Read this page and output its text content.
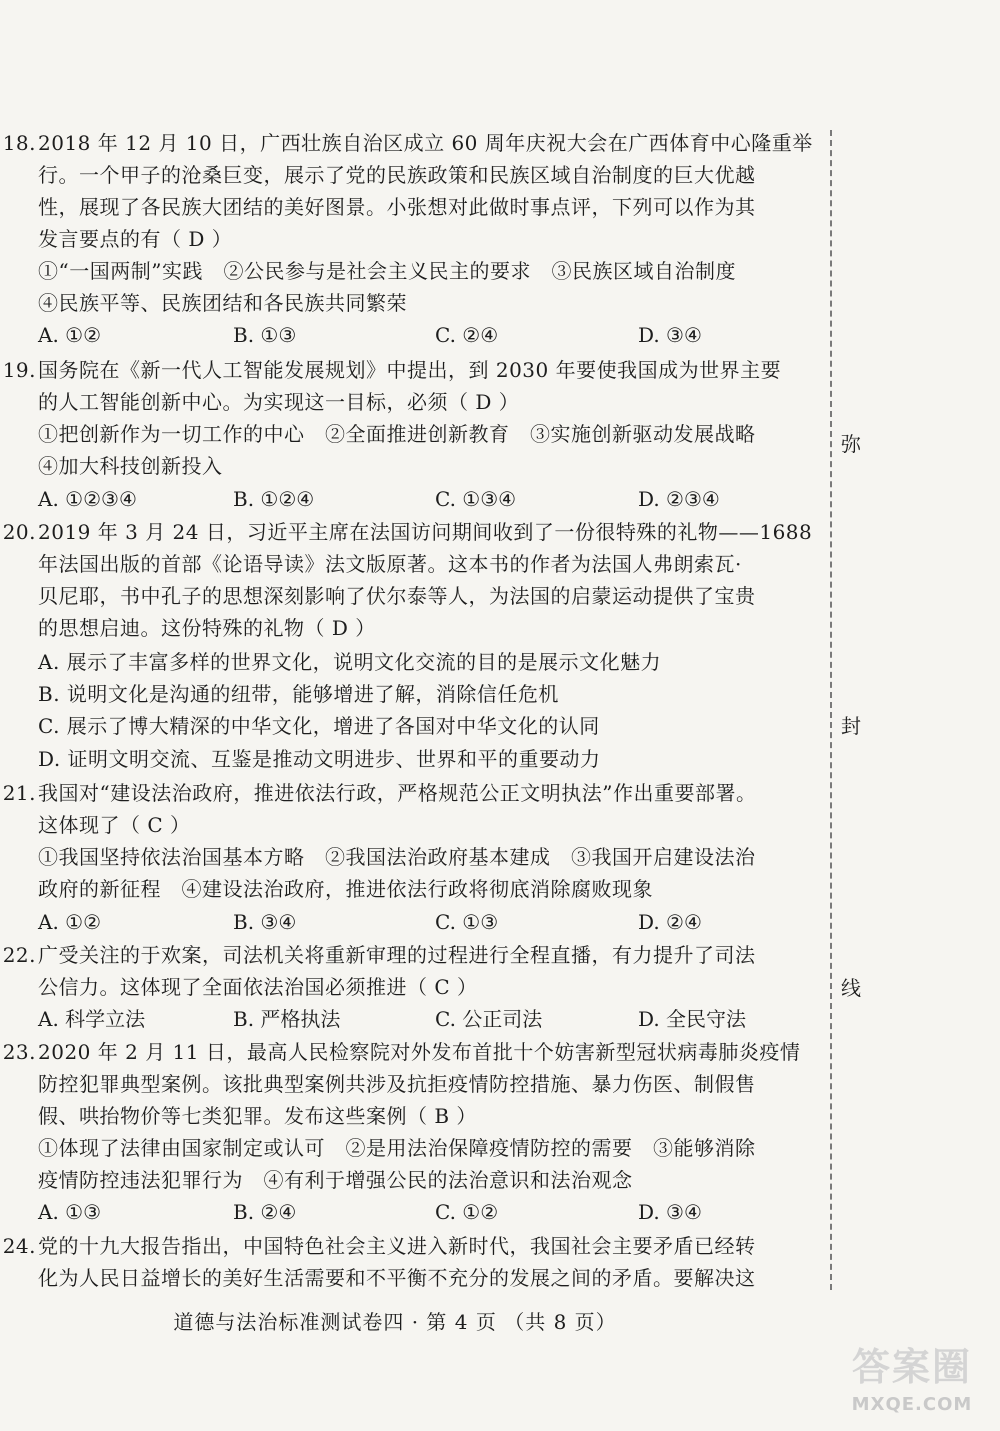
18. 2018 年 12 月 10 日，广西壮族自治区成立 60 周年庆祝大会在广西体育中心隆重举
行。一个甲子的沧桑巨变，展示了党的民族政策和民族区域自治制度的巨大优越
性，展现了各民族大团结的美好图景。小张想对此做时事点评，下列可以作为其
发言要点的有（ D ）
①“一国两制”实践　②公民参与是社会主义民主的要求　③民族区域自治制度
④民族平等、民族团结和各民族共同繁荣
A. ①②	B. ①③	C. ②④	D. ③④
19. 国务院在《新一代人工智能发展规划》中提出，到 2030 年要使我国成为世界主要
的人工智能创新中心。为实现这一目标，必须（ D ）
①把创新作为一切工作的中心　②全面推进创新教育　③实施创新驱动发展战略
④加大科技创新投入
A. ①②③④	B. ①②④	C. ①③④	D. ②③④
20. 2019 年 3 月 24 日，习近平主席在法国访问期间收到了一份很特殊的礼物——1688
年法国出版的首部《论语导读》法文版原著。这本书的作者为法国人弗朗索瓦·
贝尼耶，书中孔子的思想深刻影响了伏尔泰等人，为法国的启蒙运动提供了宝贵
的思想启迪。这份特殊的礼物（ D ）
A. 展示了丰富多样的世界文化，说明文化交流的目的是展示文化魅力
B. 说明文化是沟通的纽带，能够增进了解，消除信任危机
C. 展示了博大精深的中华文化，增进了各国对中华文化的认同
D. 证明文明交流、互鉴是推动文明进步、世界和平的重要动力
21. 我国对“建设法治政府，推进依法行政，严格规范公正文明执法”作出重要部署。
这体现了（ C ）
①我国坚持依法治国基本方略　②我国法治政府基本建成　③我国开启建设法治
政府的新征程　④建设法治政府，推进依法行政将彻底消除腐败现象
A. ①②	B. ③④	C. ①③	D. ②④
22. 广受关注的于欢案，司法机关将重新审理的过程进行全程直播，有力提升了司法
公信力。这体现了全面依法治国必须推进（ C ）
A. 科学立法	B. 严格执法	C. 公正司法	D. 全民守法
23. 2020 年 2 月 11 日，最高人民检察院对外发布首批十个妨害新型冠状病毒肺炎疫情
防控犯罪典型案例。该批典型案例共涉及抗拒疫情防控措施、暴力伤医、制假售
假、哄抬物价等七类犯罪。发布这些案例（ B ）
①体现了法律由国家制定或认可　②是用法治保障疫情防控的需要　③能够消除
疫情防控违法犯罪行为　④有利于增强公民的法治意识和法治观念
A. ①③	B. ②④	C. ①②	D. ③④
24. 党的十九大报告指出，中国特色社会主义进入新时代，我国社会主要矛盾已经转
化为人民日益增长的美好生活需要和不平衡不充分的发展之间的矛盾。要解决这
弥
封
线
道德与法治标准测试卷四 · 第 4 页 （共 8 页）
答案圈
MXQE.COM
